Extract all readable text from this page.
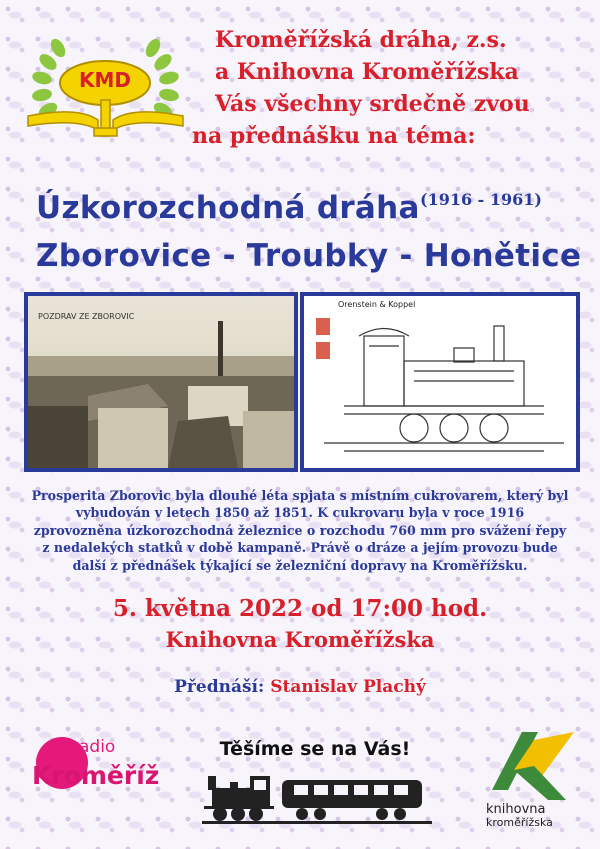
KMD
Kroměřížská dráha, z.s.
a Knihovna Kroměřížska
Vás všechny srdečně zvou
na přednášku na téma:
Úzkorozchodná dráha (1916 - 1961)
Zborovice - Troubky - Honětice
POZDRAV ZE ZBOROVIC
Orenstein & Koppel
Prosperita Zborovic byla dlouhé léta spjata s místním cukrovarem, který byl vybudován v letech 1850 až 1851. K cukrovaru byla v roce 1916 zprovozněna úzkorozchodná železnice o rozchodu 760 mm pro svážení řepy z nedalekých statků v době kampaně. Právě o dráze a jejím provozu bude další z přednášek týkající se železniční dopravy na Kroměřížsku.
5. května 2022 od 17:00 hod.
Knihovna Kroměřížska
Přednáší: Stanislav Plachý
radio
Kroměříž
Těšíme se na Vás!
knihovna
kroměřížska
